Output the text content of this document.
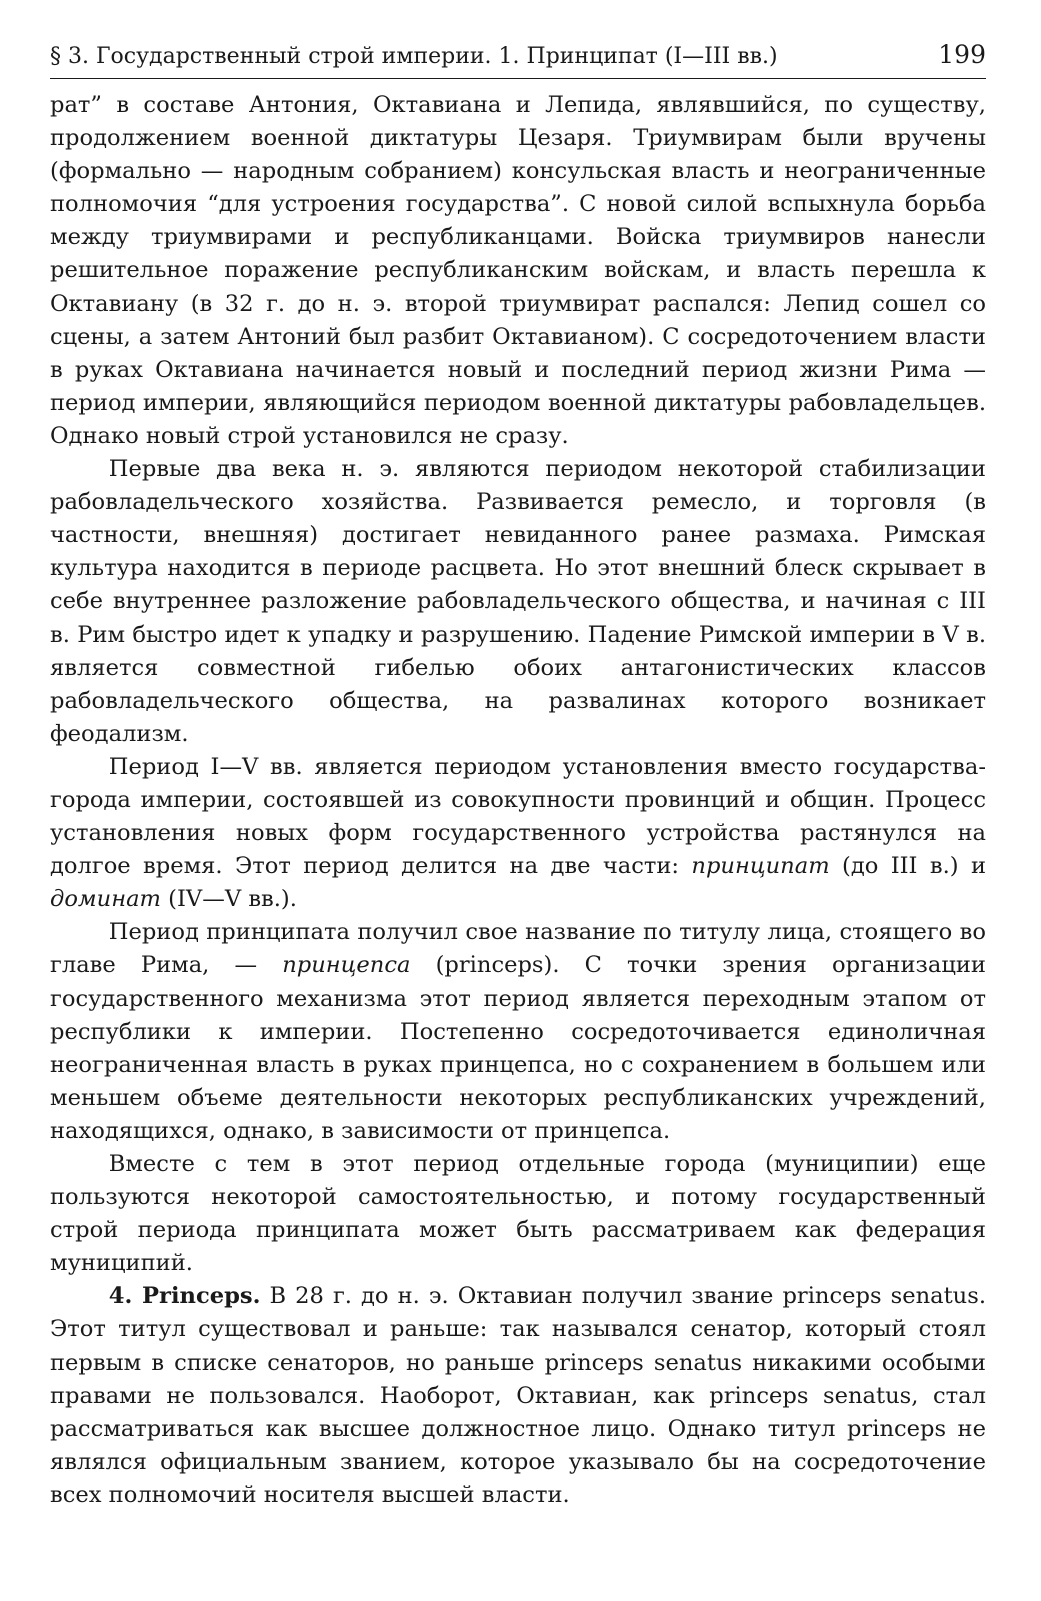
§ 3. Государственный строй империи. 1. Принципат (I—III вв.)	199

рат” в составе Антония, Октавиана и Лепида, являвшийся, по существу, продолжением военной диктатуры Цезаря. Триумвирам были вручены (формально — народным собранием) консульская власть и неограниченные полномочия “для устроения государства”. С новой силой вспыхнула борьба между триумвирами и республиканцами. Войска триумвиров нанесли решительное поражение республиканским войскам, и власть перешла к Октавиану (в 32 г. до н. э. второй триумвират распался: Лепид сошел со сцены, а затем Антоний был разбит Октавианом). С сосредоточением власти в руках Октавиана начинается новый и последний период жизни Рима — период империи, являющийся периодом военной диктатуры рабовладельцев. Однако новый строй установился не сразу.

Первые два века н. э. являются периодом некоторой стабилизации рабовладельческого хозяйства. Развивается ремесло, и торговля (в частности, внешняя) достигает невиданного ранее размаха. Римская культура находится в периоде расцвета. Но этот внешний блеск скрывает в себе внутреннее разложение рабовладельческого общества, и начиная с III в. Рим быстро идет к упадку и разрушению. Падение Римской империи в V в. является совместной гибелью обоих антагонистических классов рабовладельческого общества, на развалинах которого возникает феодализм.

Период I—V вв. является периодом установления вместо государства-города империи, состоявшей из совокупности провинций и общин. Процесс установления новых форм государственного устройства растянулся на долгое время. Этот период делится на две части: принципат (до III в.) и доминат (IV—V вв.).

Период принципата получил свое название по титулу лица, стоящего во главе Рима, — принцепса (princeps). С точки зрения организации государственного механизма этот период является переходным этапом от республики к империи. Постепенно сосредоточивается единоличная неограниченная власть в руках принцепса, но с сохранением в большем или меньшем объеме деятельности некоторых республиканских учреждений, находящихся, однако, в зависимости от принцепса.

Вместе с тем в этот период отдельные города (муниципии) еще пользуются некоторой самостоятельностью, и потому государственный строй периода принципата может быть рассматриваем как федерация муниципий.

4. Princeps. В 28 г. до н. э. Октавиан получил звание princeps senatus. Этот титул существовал и раньше: так назывался сенатор, который стоял первым в списке сенаторов, но раньше princeps senatus никакими особыми правами не пользовался. Наоборот, Октавиан, как princeps senatus, стал рассматриваться как высшее должностное лицо. Однако титул princeps не являлся официальным званием, которое указывало бы на сосредоточение всех полномочий носителя высшей власти.
